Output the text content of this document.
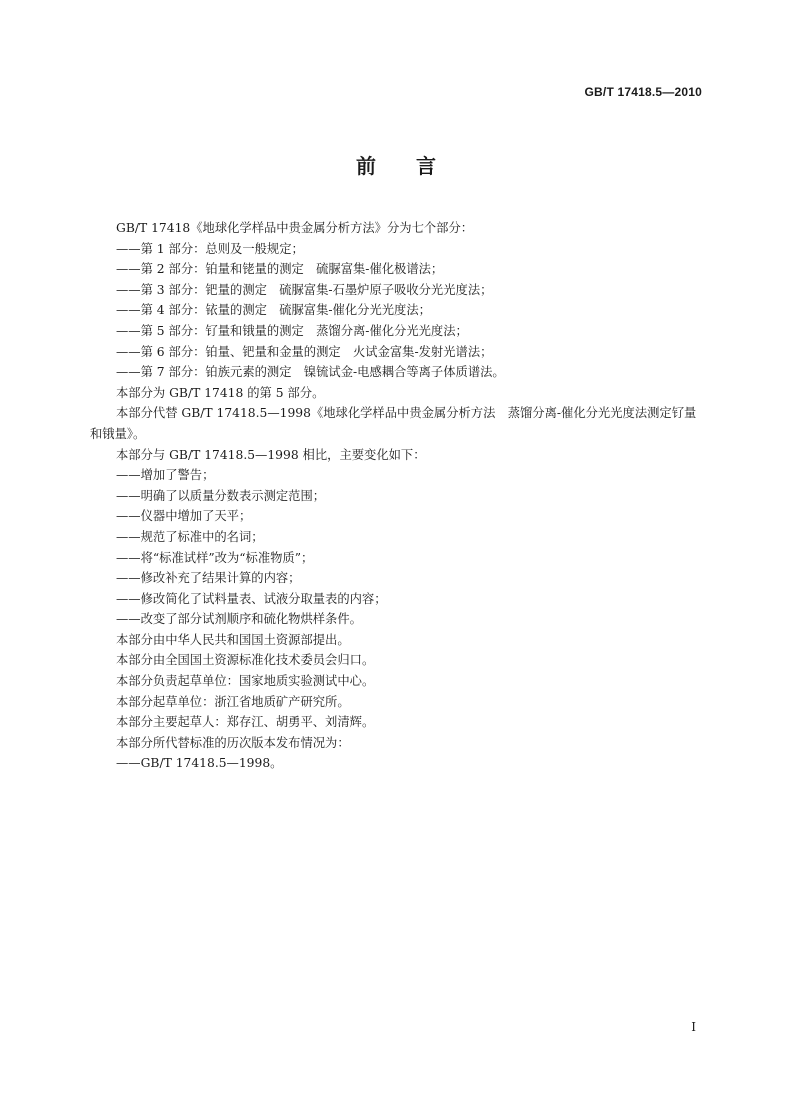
GB/T 17418.5—2010
前言

GB/T 17418《地球化学样品中贵金属分析方法》分为七个部分：

——第 1 部分：总则及一般规定；

——第 2 部分：铂量和铑量的测定　硫脲富集-催化极谱法；

——第 3 部分：钯量的测定　硫脲富集-石墨炉原子吸收分光光度法；

——第 4 部分：铱量的测定　硫脲富集-催化分光光度法；

——第 5 部分：钌量和锇量的测定　蒸馏分离-催化分光光度法；

——第 6 部分：铂量、钯量和金量的测定　火试金富集-发射光谱法；

——第 7 部分：铂族元素的测定　镍锍试金-电感耦合等离子体质谱法。

本部分为 GB/T 17418 的第 5 部分。

本部分代替 GB/T 17418.5—1998《地球化学样品中贵金属分析方法　蒸馏分离-催化分光光度法测定钌量和锇量》。

本部分与 GB/T 17418.5—1998 相比，主要变化如下：

——增加了警告；

——明确了以质量分数表示测定范围；

——仪器中增加了天平；

——规范了标准中的名词；

——将“标准试样”改为“标准物质”；

——修改补充了结果计算的内容；

——修改简化了试料量表、试液分取量表的内容；

——改变了部分试剂顺序和硫化物烘样条件。

本部分由中华人民共和国国土资源部提出。

本部分由全国国土资源标准化技术委员会归口。

本部分负责起草单位：国家地质实验测试中心。

本部分起草单位：浙江省地质矿产研究所。

本部分主要起草人：郑存江、胡勇平、刘清辉。

本部分所代替标准的历次版本发布情况为：

——GB/T 17418.5—1998。

I
